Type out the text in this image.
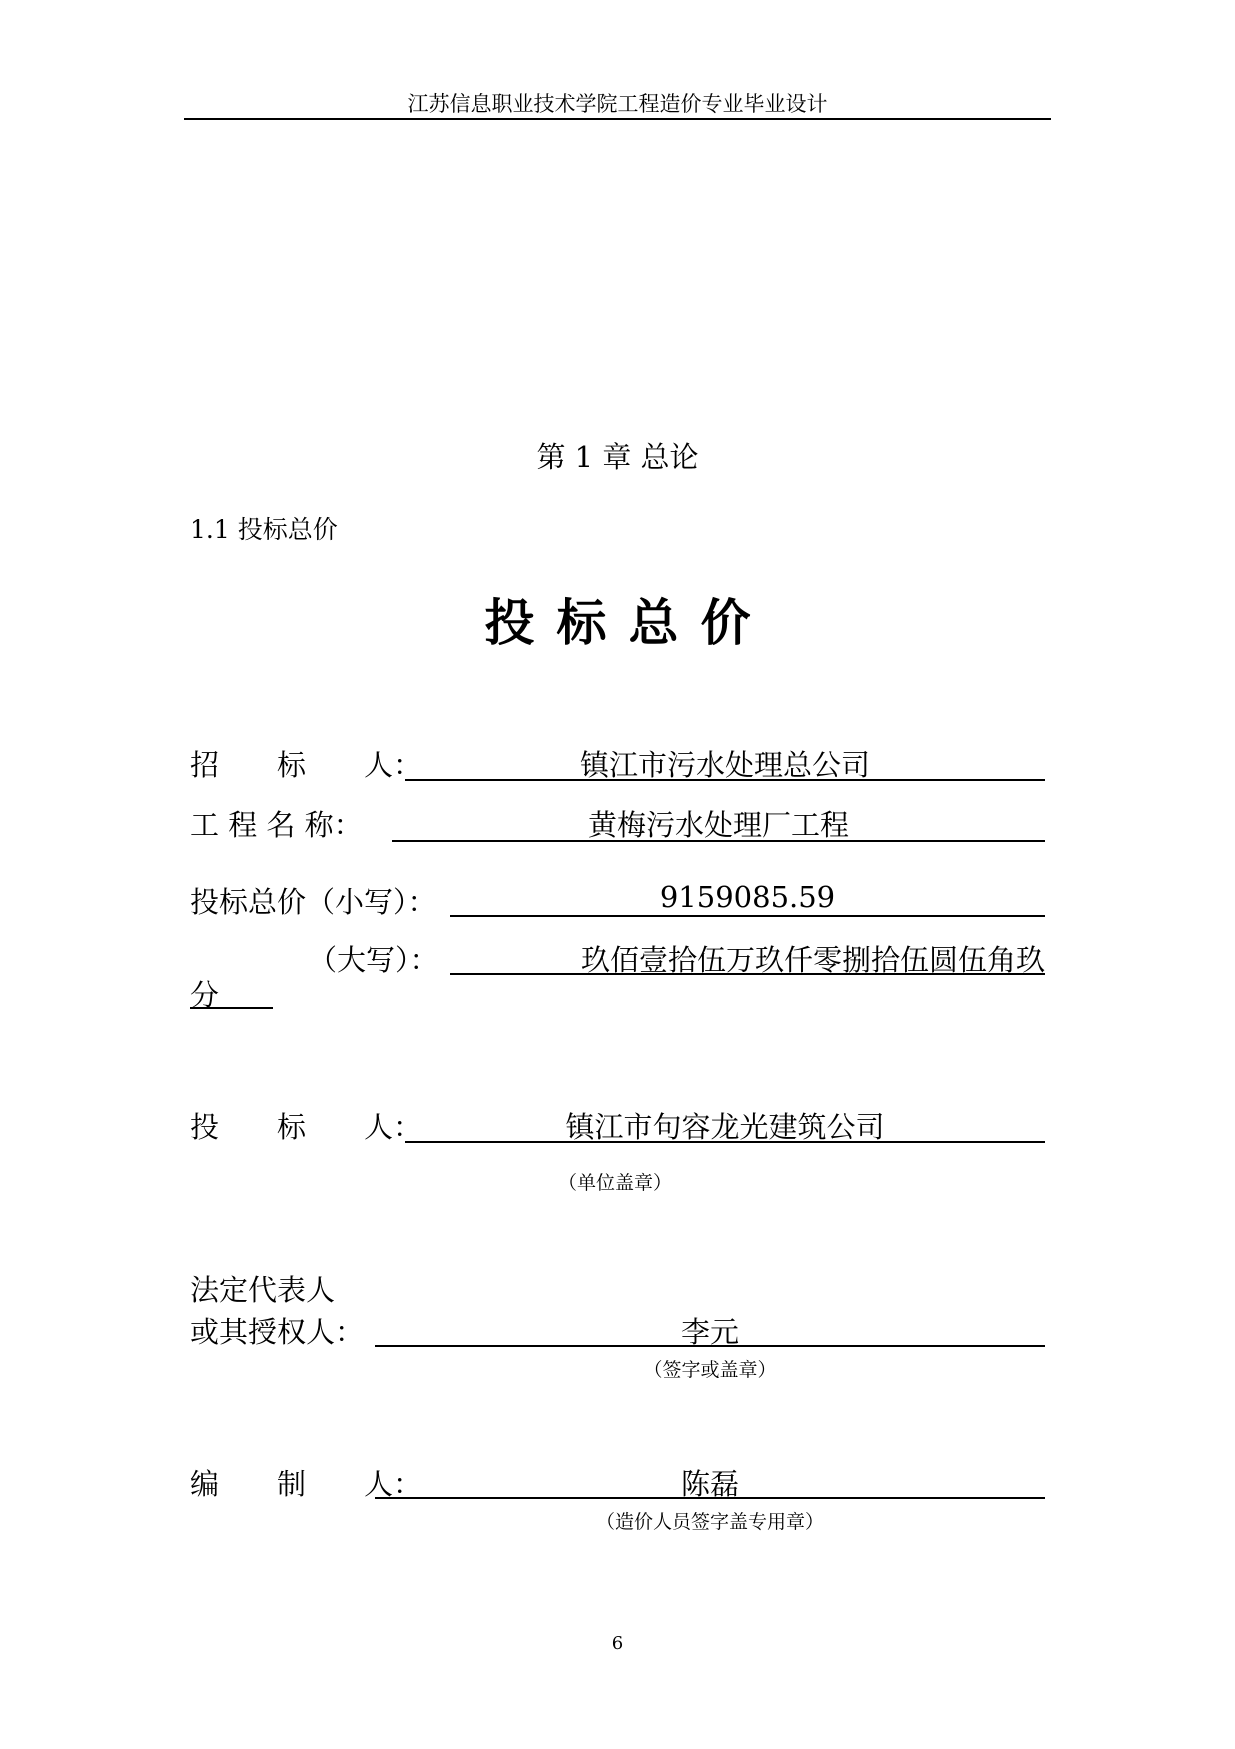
江苏信息职业技术学院工程造价专业毕业设计
第 1 章 总论
1.1 投标总价
投标总价
招　　标　　人：	镇江市污水处理总公司
工 程 名 称：	黄梅污水处理厂工程
投标总价（小写）：	9159085.59
（大写）：	玖佰壹拾伍万玖仟零捌拾伍圆伍角玖
分
投　　标　　人：	镇江市句容龙光建筑公司
（单位盖章）
法定代表人
或其授权人：	李元
（签字或盖章）
编　　制　　人：	陈磊
（造价人员签字盖专用章）
6
